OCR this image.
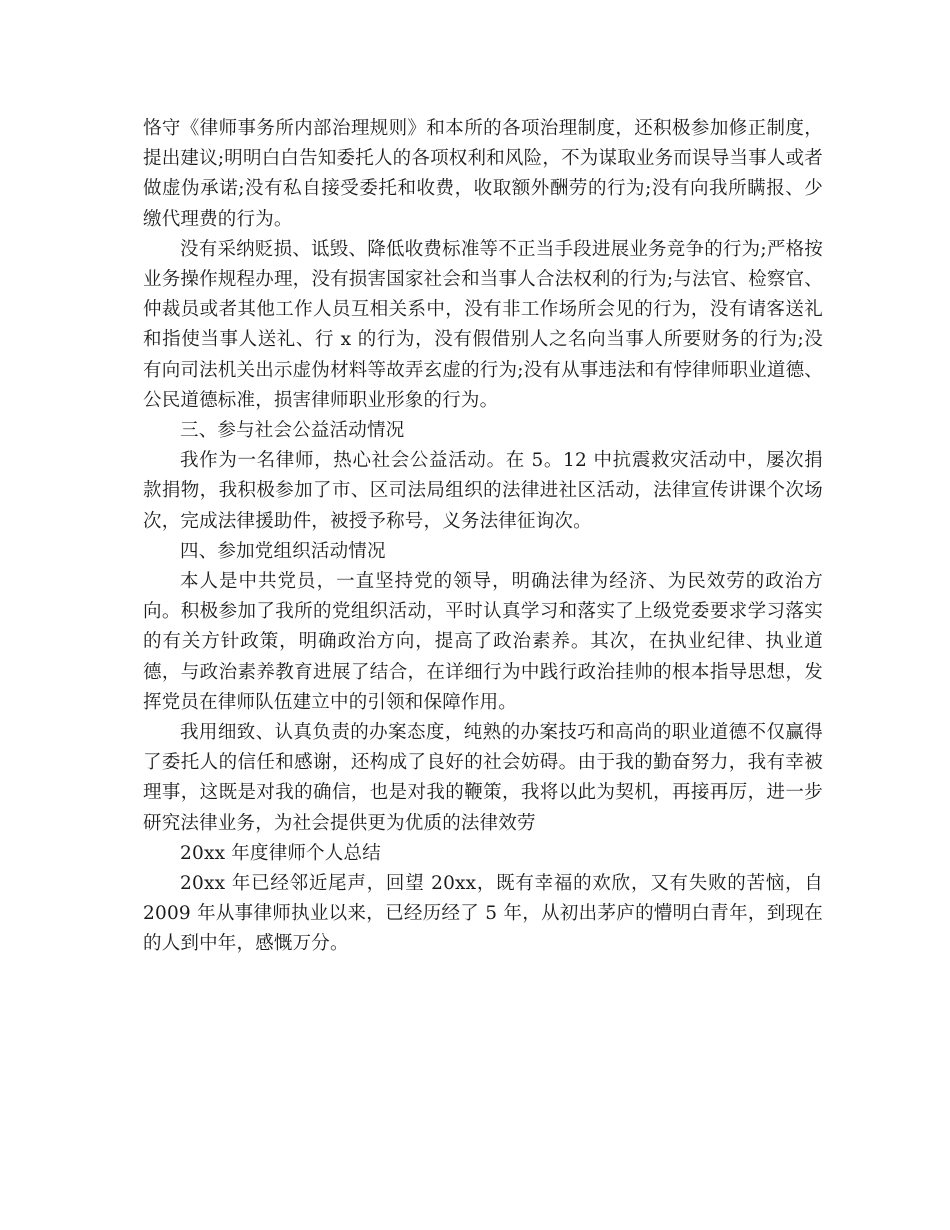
恪守《律师事务所内部治理规则》和本所的各项治理制度，还积极参加修正制度，提出建议;明明白白告知委托人的各项权利和风险，不为谋取业务而误导当事人或者做虚伪承诺;没有私自接受委托和收费，收取额外酬劳的行为;没有向我所瞒报、少缴代理费的行为。

没有采纳贬损、诋毁、降低收费标准等不正当手段进展业务竞争的行为;严格按业务操作规程办理，没有损害国家社会和当事人合法权利的行为;与法官、检察官、仲裁员或者其他工作人员互相关系中，没有非工作场所会见的行为，没有请客送礼和指使当事人送礼、行 x 的行为，没有假借别人之名向当事人所要财务的行为;没有向司法机关出示虚伪材料等故弄玄虚的行为;没有从事违法和有悖律师职业道德、公民道德标准，损害律师职业形象的行为。

三、参与社会公益活动情况

我作为一名律师，热心社会公益活动。在 5。12 中抗震救灾活动中，屡次捐款捐物，我积极参加了市、区司法局组织的法律进社区活动，法律宣传讲课个次场次，完成法律援助件，被授予称号，义务法律征询次。

四、参加党组织活动情况

本人是中共党员，一直坚持党的领导，明确法律为经济、为民效劳的政治方向。积极参加了我所的党组织活动，平时认真学习和落实了上级党委要求学习落实的有关方针政策，明确政治方向，提高了政治素养。其次，在执业纪律、执业道德，与政治素养教育进展了结合，在详细行为中践行政治挂帅的根本指导思想，发挥党员在律师队伍建立中的引领和保障作用。

我用细致、认真负责的办案态度，纯熟的办案技巧和高尚的职业道德不仅赢得了委托人的信任和感谢，还构成了良好的社会妨碍。由于我的勤奋努力，我有幸被理事，这既是对我的确信，也是对我的鞭策，我将以此为契机，再接再厉，进一步研究法律业务，为社会提供更为优质的法律效劳

20xx 年度律师个人总结

20xx 年已经邻近尾声，回望 20xx，既有幸福的欢欣，又有失败的苦恼，自 2009 年从事律师执业以来，已经历经了 5 年，从初出茅庐的懵明白青年，到现在的人到中年，感慨万分。
